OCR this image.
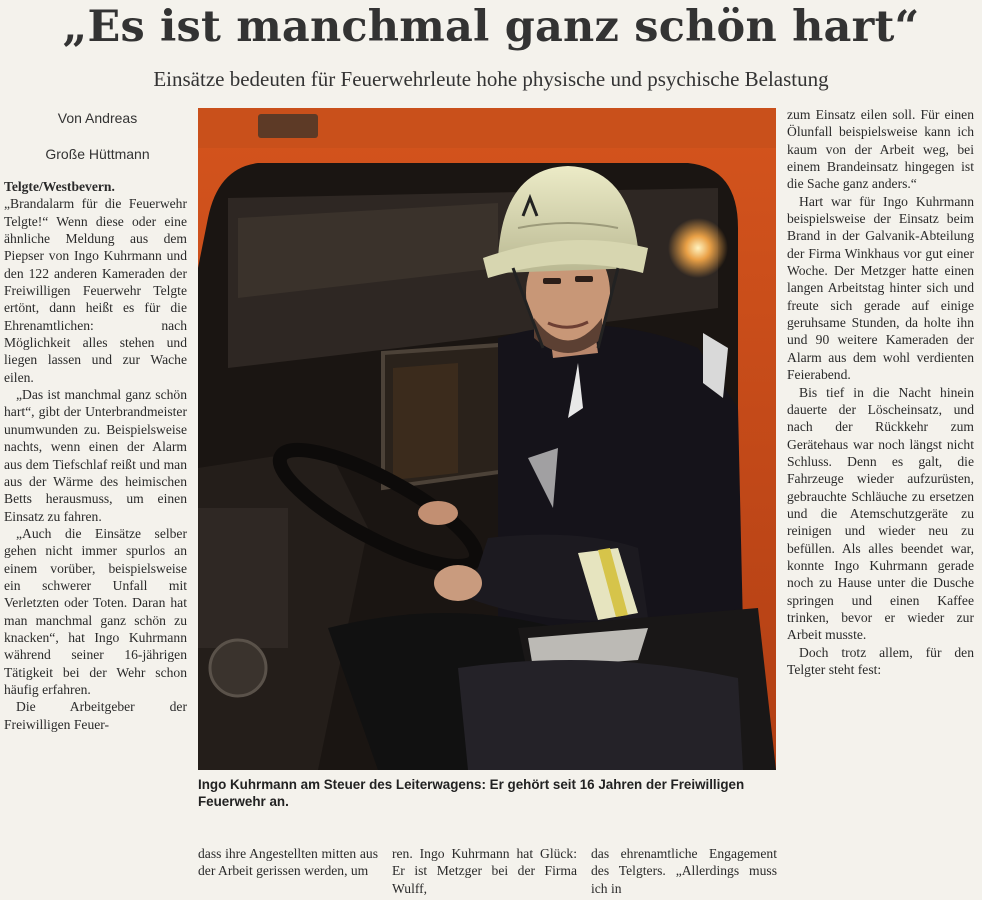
„Es ist manchmal ganz schön hart“
Einsätze bedeuten für Feuerwehrleute hohe physische und psychische Belastung
Von Andreas
Große Hüttmann

Telgte/Westbevern.
„Brandalarm für die Feuerwehr Telgte!“ Wenn diese oder eine ähnliche Meldung aus dem Piepser von Ingo Kuhrmann und den 122 anderen Kameraden der Freiwilligen Feuerwehr Telgte ertönt, dann heißt es für die Ehrenamtlichen: nach Möglichkeit alles stehen und liegen lassen und zur Wache eilen.

„Das ist manchmal ganz schön hart“, gibt der Unterbrandmeister unumwunden zu. Beispielsweise nachts, wenn einen der Alarm aus dem Tiefschlaf reißt und man aus der Wärme des heimischen Betts herausmuss, um einen Einsatz zu fahren.

„Auch die Einsätze selber gehen nicht immer spurlos an einem vorüber, beispielsweise ein schwerer Unfall mit Verletzten oder Toten. Daran hat man manchmal ganz schön zu knacken“, hat Ingo Kuhrmann während seiner 16-jährigen Tätigkeit bei der Wehr schon häufig erfahren.

Die Arbeitgeber der Freiwilligen Feuer-

Ingo Kuhrmann am Steuer des Leiterwagens: Er gehört seit 16 Jahren der Freiwilligen Feuerwehr an.

zum Einsatz eilen soll. Für einen Ölunfall beispielsweise kann ich kaum von der Arbeit weg, bei einem Brandeinsatz hingegen ist die Sache ganz anders.“

Hart war für Ingo Kuhrmann beispielsweise der Einsatz beim Brand in der Galvanik-Abteilung der Firma Winkhaus vor gut einer Woche. Der Metzger hatte einen langen Arbeitstag hinter sich und freute sich gerade auf einige geruhsame Stunden, da holte ihn und 90 weitere Kameraden der Alarm aus dem wohl verdienten Feierabend.

Bis tief in die Nacht hinein dauerte der Löscheinsatz, und nach der Rückkehr zum Gerätehaus war noch längst nicht Schluss. Denn es galt, die Fahrzeuge wieder aufzurüsten, gebrauchte Schläuche zu ersetzen und die Atemschutzgeräte zu reinigen und wieder neu zu befüllen. Als alles beendet war, konnte Ingo Kuhrmann gerade noch zu Hause unter die Dusche springen und einen Kaffee trinken, bevor er wieder zur Arbeit musste.

Doch trotz allem, für den Telgter steht fest:

dass ihre Angestellten mitten aus der Arbeit gerissen werden, um
ren. Ingo Kuhrmann hat Glück: Er ist Metzger bei der Firma Wulff,
das ehrenamtliche Engagement des Telgters. „Allerdings muss ich in
